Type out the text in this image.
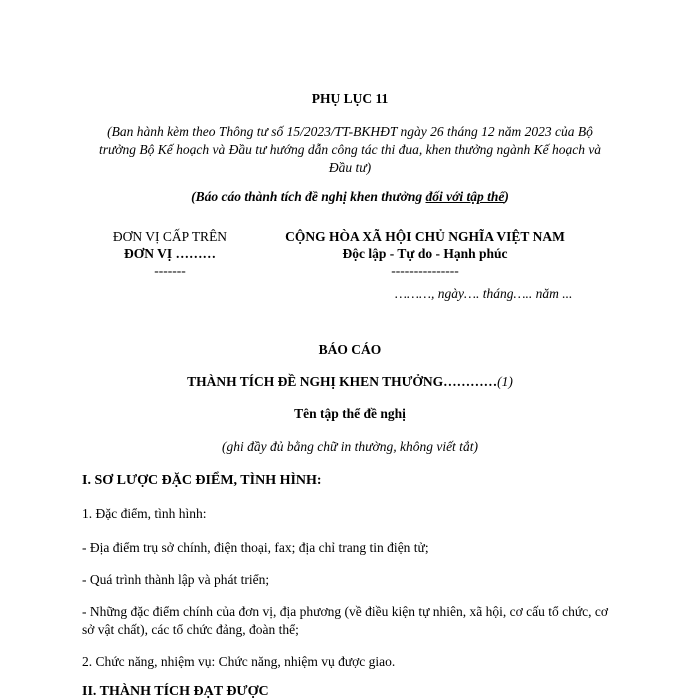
PHỤ LỤC 11
(Ban hành kèm theo Thông tư số 15/2023/TT-BKHĐT ngày 26 tháng 12 năm 2023 của Bộ trưởng Bộ Kế hoạch và Đầu tư hướng dẫn công tác thi đua, khen thưởng ngành Kế hoạch và Đầu tư)
(Báo cáo thành tích đề nghị khen thưởng đối với tập thể)
ĐƠN VỊ CẤP TRÊN
ĐƠN VỊ ………
-------
CỘNG HÒA XÃ HỘI CHỦ NGHĨA VIỆT NAM
Độc lập - Tự do - Hạnh phúc
---------------
………, ngày…. tháng….. năm ...
BÁO CÁO
THÀNH TÍCH ĐỀ NGHỊ KHEN THƯỞNG…………(1)
Tên tập thể đề nghị
(ghi đầy đủ bằng chữ in thường, không viết tắt)
I. SƠ LƯỢC ĐẶC ĐIỂM, TÌNH HÌNH:
1. Đặc điểm, tình hình:
- Địa điểm trụ sở chính, điện thoại, fax; địa chỉ trang tin điện tử;
- Quá trình thành lập và phát triển;
- Những đặc điểm chính của đơn vị, địa phương (về điều kiện tự nhiên, xã hội, cơ cấu tổ chức, cơ
sở vật chất), các tổ chức đảng, đoàn thể;
2. Chức năng, nhiệm vụ: Chức năng, nhiệm vụ được giao.
II. THÀNH TÍCH ĐẠT ĐƯỢC
